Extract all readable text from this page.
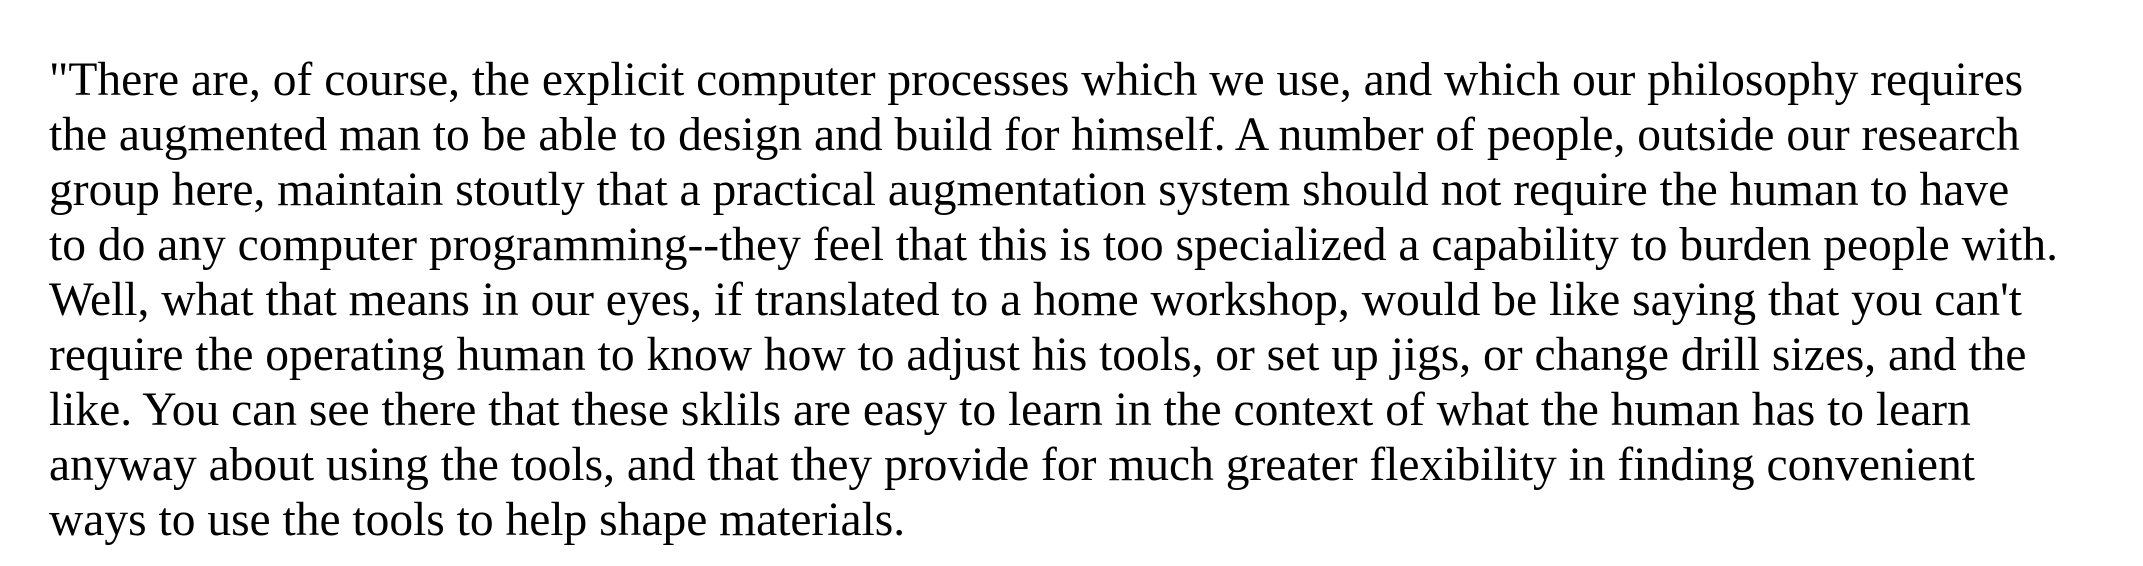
"There are, of course, the explicit computer processes which we use, and which our philosophy requires
the augmented man to be able to design and build for himself. A number of people, outside our research
group here, maintain stoutly that a practical augmentation system should not require the human to have
to do any computer programming--they feel that this is too specialized a capability to burden people with.
Well, what that means in our eyes, if translated to a home workshop, would be like saying that you can't
require the operating human to know how to adjust his tools, or set up jigs, or change drill sizes, and the
like. You can see there that these sklils are easy to learn in the context of what the human has to learn
anyway about using the tools, and that they provide for much greater flexibility in finding convenient
ways to use the tools to help shape materials.
